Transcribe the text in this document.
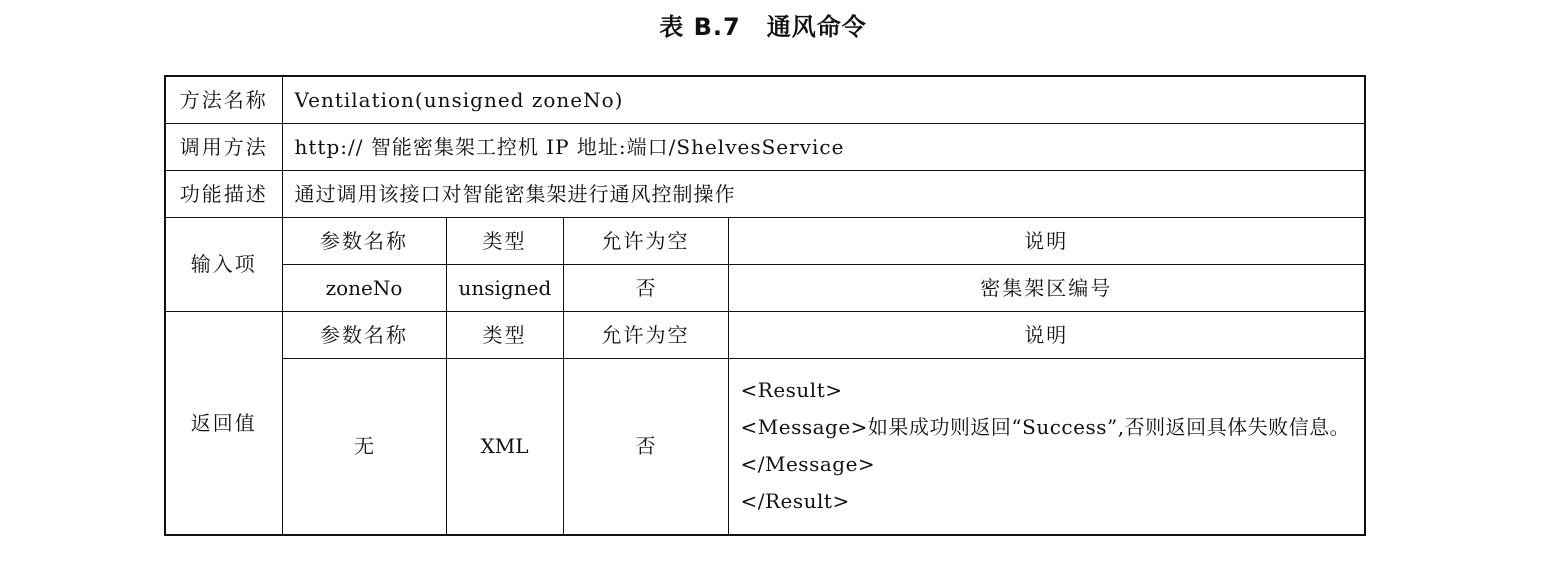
表 B.7 通风命令
方法名称	Ventilation(unsigned zoneNo)			
调用方法	http:// 智能密集架工控机 IP 地址:端口/ShelvesService			
功能描述	通过调用该接口对智能密集架进行通风控制操作			
输入项	参数名称	类型	允许为空	说明
	zoneNo	unsigned	否	密集架区编号
返回值	参数名称	类型	允许为空	说明
	无	XML	否	<Result>
<Message>如果成功则返回“Success”,否则返回具体失败信息。</Message>
</Result>
